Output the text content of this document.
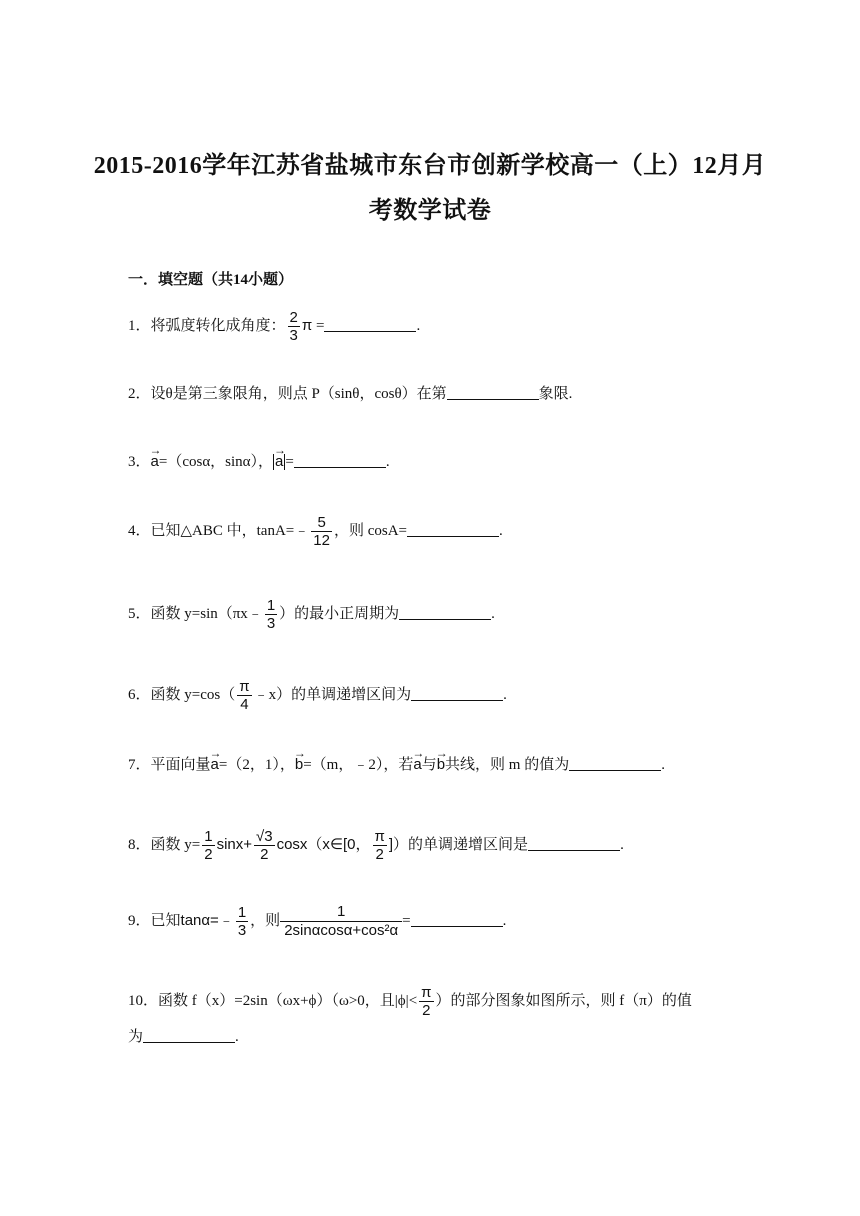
2015-2016学年江苏省盐城市东台市创新学校高一（上）12月月
考数学试卷
一．填空题（共14小题）
1．将弧度转化成角度： $\frac{2}{3}$ π =	.
2．设θ是第三象限角，则点 P（sinθ，cosθ）在第	象限.
3．→ a=（cosα，sinα），→ a =	.
4．已知△ABC 中，tanA=﹣ $\frac{5}{12}$ ，则 cosA=	.
5．函数 y=sin（πx﹣ $\frac{1}{3}$ ）的最小正周期为	.
6．函数 $y=\cos( \frac{\pi}{4}$ ﹣x）的单调递增区间为	.
7．平面向量→ a=（2，1），→ b=（m，﹣2），若→ a与→ b共线，则 m 的值为	.
8．函数 $y= \frac{1}{2} \sin x+ \frac{√3}{2}$ cosx（x∈[0， $\frac{\pi}{2}$ ]）的单调递增区间是	.
9．已知tanα=﹣ $\frac{1}{3}$ ，则 $\frac{1}{\text{2sinαcosα+cos²α}}$ =	.
10．函数 f（x）=2sin（ωx+ϕ）（ω>0，且$|\phi|< \frac{\pi}{2}$ ）的部分图象如图所示，则 f（π）的值
为	.
